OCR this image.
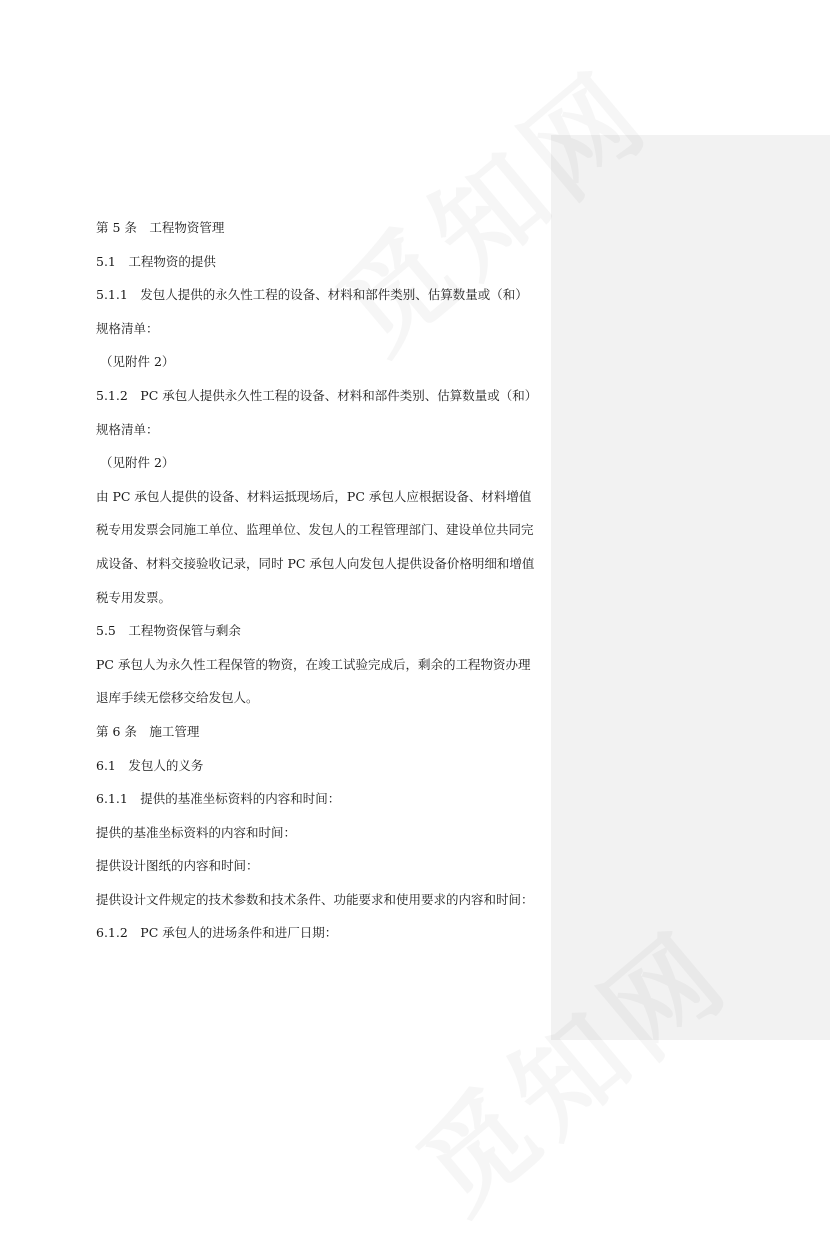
第 5 条　工程物资管理
5.1　工程物资的提供
5.1.1　发包人提供的永久性工程的设备、材料和部件类别、估算数量或（和）
规格清单：
（见附件 2）
5.1.2　PC 承包人提供永久性工程的设备、材料和部件类别、估算数量或（和）
规格清单：
（见附件 2）
由 PC 承包人提供的设备、材料运抵现场后，PC 承包人应根据设备、材料增值
税专用发票会同施工单位、监理单位、发包人的工程管理部门、建设单位共同完
成设备、材料交接验收记录，同时 PC 承包人向发包人提供设备价格明细和增值
税专用发票。
5.5　工程物资保管与剩余
PC 承包人为永久性工程保管的物资，在竣工试验完成后，剩余的工程物资办理
退库手续无偿移交给发包人。
第 6 条　施工管理
6.1　发包人的义务
6.1.1　提供的基准坐标资料的内容和时间：
提供的基准坐标资料的内容和时间：
提供设计图纸的内容和时间：
提供设计文件规定的技术参数和技术条件、功能要求和使用要求的内容和时间：
6.1.2　PC 承包人的进场条件和进厂日期：
